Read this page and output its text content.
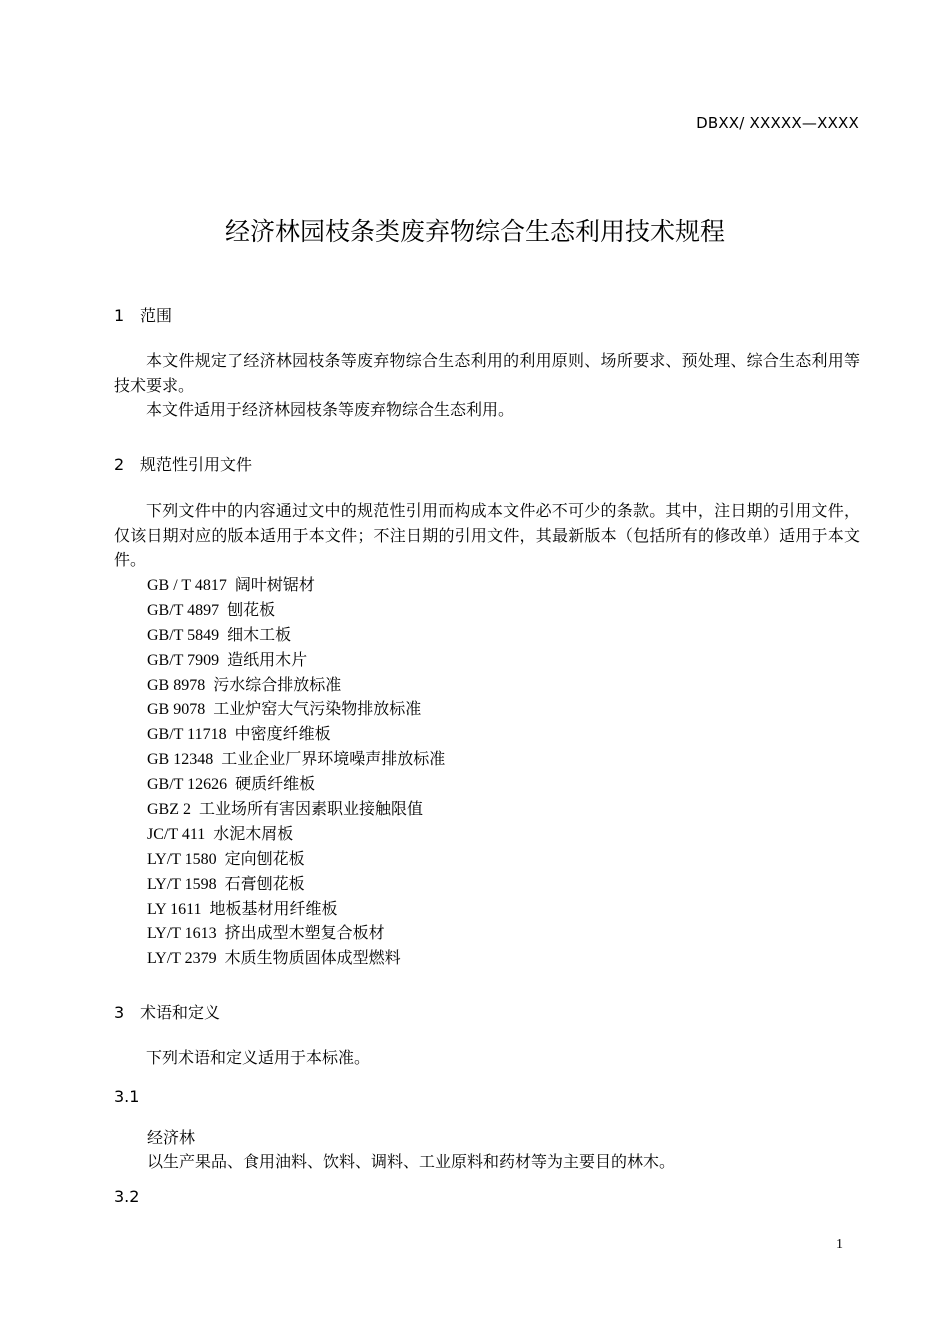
DBXX/ XXXXX—XXXX
经济林园枝条类废弃物综合生态利用技术规程
1 范围

本文件规定了经济林园枝条等废弃物综合生态利用的利用原则、场所要求、预处理、综合生态利用等技术要求。

本文件适用于经济林园枝条等废弃物综合生态利用。

2 规范性引用文件

下列文件中的内容通过文中的规范性引用而构成本文件必不可少的条款。其中，注日期的引用文件，仅该日期对应的版本适用于本文件；不注日期的引用文件，其最新版本（包括所有的修改单）适用于本文件。

GB / T 4817 阔叶树锯材
GB/T 4897 刨花板
GB/T 5849 细木工板
GB/T 7909 造纸用木片
GB 8978 污水综合排放标准
GB 9078 工业炉窑大气污染物排放标准
GB/T 11718 中密度纤维板
GB 12348 工业企业厂界环境噪声排放标准
GB/T 12626 硬质纤维板
GBZ 2 工业场所有害因素职业接触限值
JC/T 411 水泥木屑板
LY/T 1580 定向刨花板
LY/T 1598 石膏刨花板
LY 1611 地板基材用纤维板
LY/T 1613 挤出成型木塑复合板材
LY/T 2379 木质生物质固体成型燃料
3 术语和定义

下列术语和定义适用于本标准。

3.1

经济林

以生产果品、食用油料、饮料、调料、工业原料和药材等为主要目的林木。

3.2
1
